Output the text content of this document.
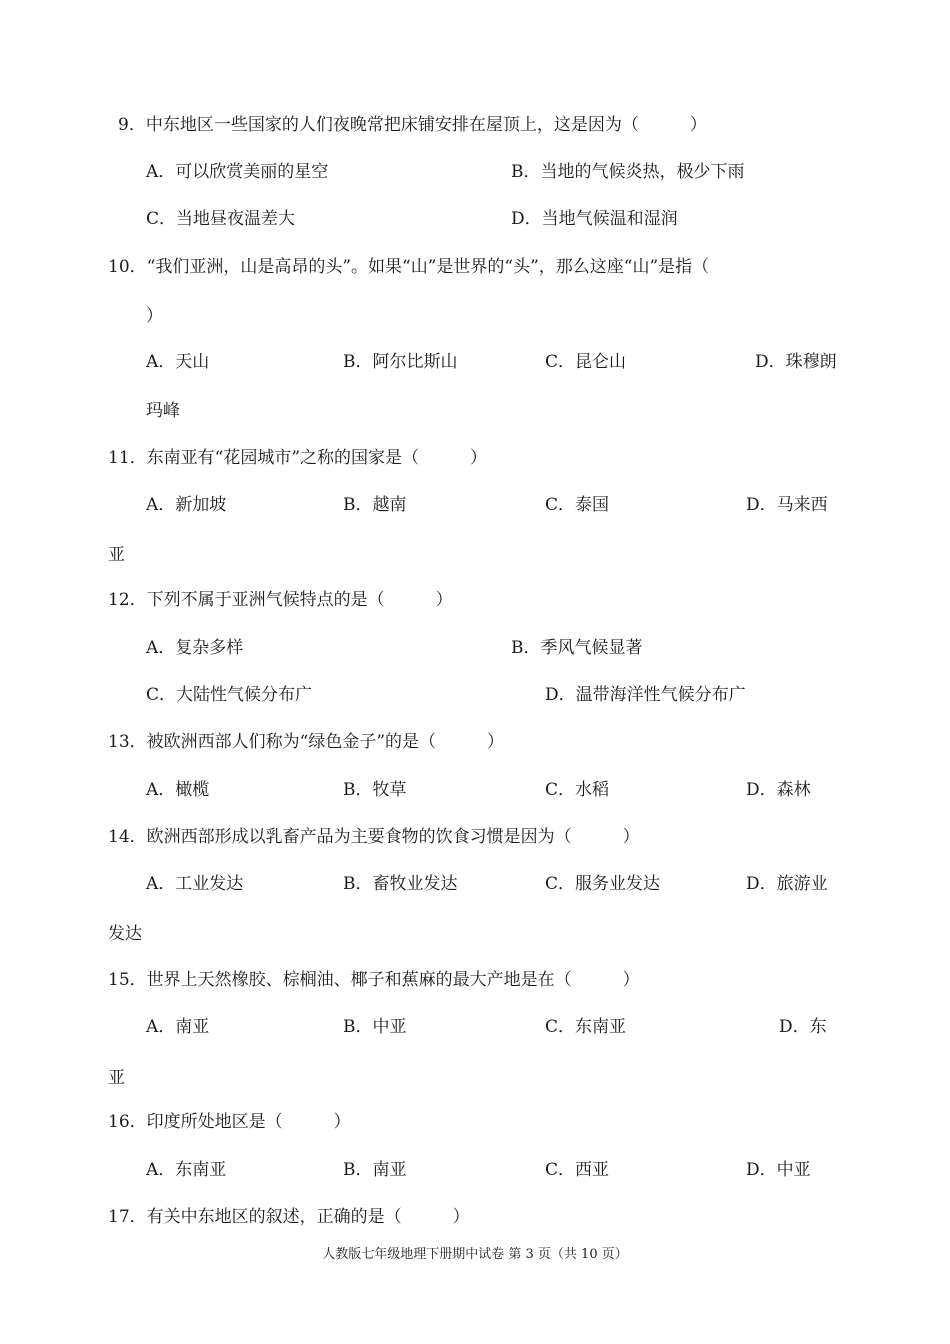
9．中东地区一些国家的人们夜晚常把床铺安排在屋顶上，这是因为（　　　）
A．可以欣赏美丽的星空	B．当地的气候炎热，极少下雨
C．当地昼夜温差大	D．当地气候温和湿润
10．“我们亚洲，山是高昂的头”。如果“山”是世界的“头”，那么这座“山”是指（
）
A．天山	B．阿尔比斯山	C．昆仑山	D．珠穆朗
玛峰
11．东南亚有“花园城市”之称的国家是（　　　）
A．新加坡	B．越南	C．泰国	D．马来西
亚
12．下列不属于亚洲气候特点的是（　　　）
A．复杂多样	B．季风气候显著
C．大陆性气候分布广	D．温带海洋性气候分布广
13．被欧洲西部人们称为“绿色金子”的是（　　　）
A．橄榄	B．牧草	C．水稻	D．森林
14．欧洲西部形成以乳畜产品为主要食物的饮食习惯是因为（　　　）
A．工业发达	B．畜牧业发达	C．服务业发达	D．旅游业
发达
15．世界上天然橡胶、棕榈油、椰子和蕉麻的最大产地是在（　　　）
A．南亚	B．中亚	C．东南亚	D．东
亚
16．印度所处地区是（　　　）
A．东南亚	B．南亚	C．西亚	D．中亚
17．有关中东地区的叙述，正确的是（　　　）
人教版七年级地理下册期中试卷 第 3 页（共 10 页）
